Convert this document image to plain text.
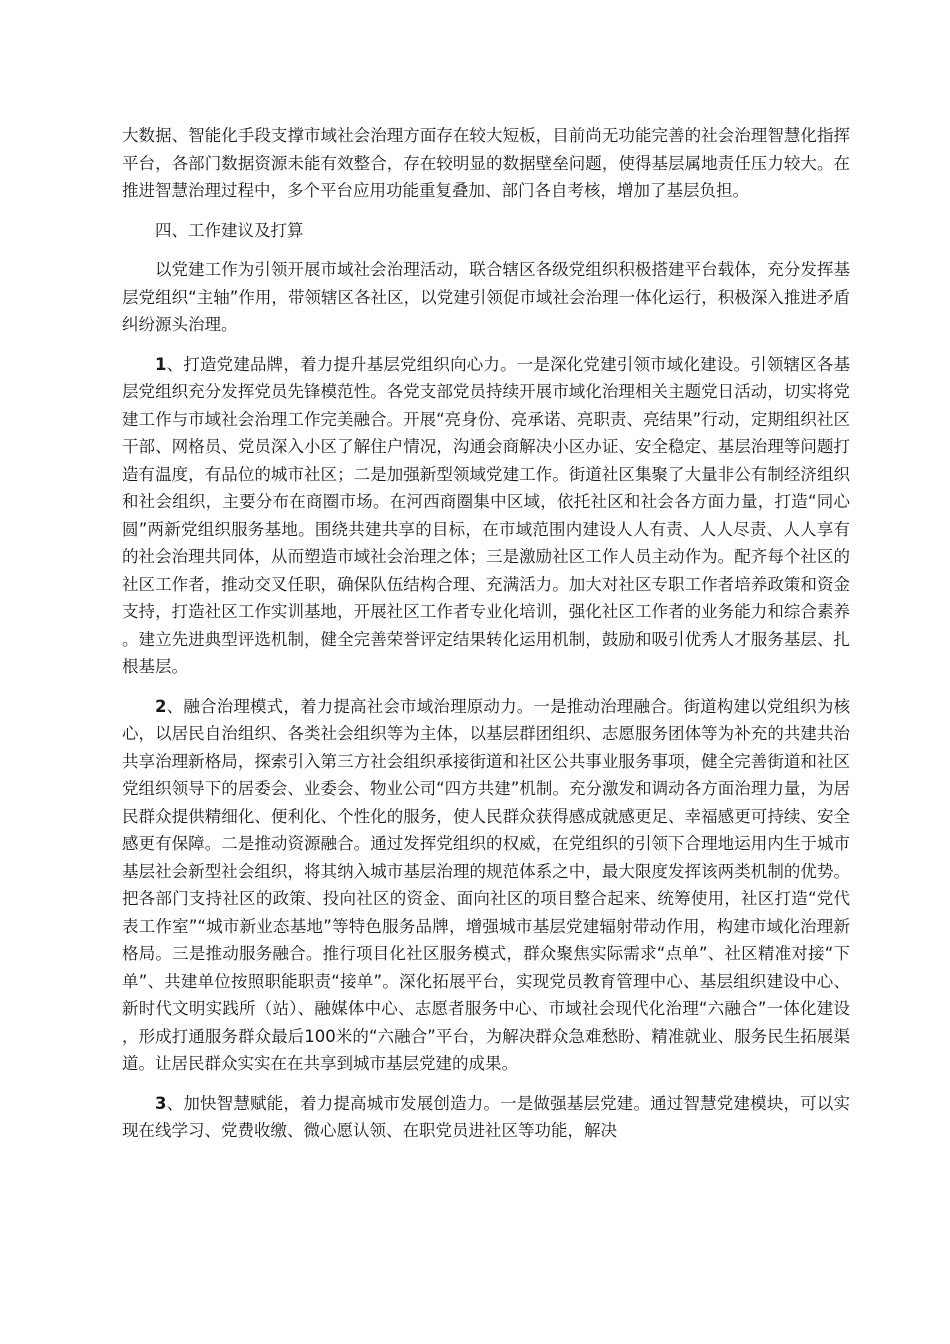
大数据、智能化手段支撑市域社会治理方面存在较大短板，目前尚无功能完善的社会治理智慧化指挥平台，各部门数据资源未能有效整合，存在较明显的数据壁垒问题，使得基层属地责任压力较大。在推进智慧治理过程中，多个平台应用功能重复叠加、部门各自考核，增加了基层负担。

四、工作建议及打算

以党建工作为引领开展市域社会治理活动，联合辖区各级党组织积极搭建平台载体，充分发挥基层党组织“主轴”作用，带领辖区各社区，以党建引领促市域社会治理一体化运行，积极深入推进矛盾纠纷源头治理。

1、打造党建品牌，着力提升基层党组织向心力。一是深化党建引领市域化建设。引领辖区各基层党组织充分发挥党员先锋模范性。各党支部党员持续开展市域化治理相关主题党日活动，切实将党建工作与市域社会治理工作完美融合。开展“亮身份、亮承诺、亮职责、亮结果”行动，定期组织社区干部、网格员、党员深入小区了解住户情况，沟通会商解决小区办证、安全稳定、基层治理等问题打造有温度，有品位的城市社区；二是加强新型领域党建工作。街道社区集聚了大量非公有制经济组织和社会组织，主要分布在商圈市场。在河西商圈集中区域，依托社区和社会各方面力量，打造“同心圆”两新党组织服务基地。围绕共建共享的目标，在市域范围内建设人人有责、人人尽责、人人享有的社会治理共同体，从而塑造市域社会治理之体；三是激励社区工作人员主动作为。配齐每个社区的社区工作者，推动交叉任职，确保队伍结构合理、充满活力。加大对社区专职工作者培养政策和资金支持，打造社区工作实训基地，开展社区工作者专业化培训，强化社区工作者的业务能力和综合素养。建立先进典型评选机制，健全完善荣誉评定结果转化运用机制，鼓励和吸引优秀人才服务基层、扎根基层。

2、融合治理模式，着力提高社会市域治理原动力。一是推动治理融合。街道构建以党组织为核心，以居民自治组织、各类社会组织等为主体，以基层群团组织、志愿服务团体等为补充的共建共治共享治理新格局，探索引入第三方社会组织承接街道和社区公共事业服务事项，健全完善街道和社区党组织领导下的居委会、业委会、物业公司“四方共建”机制。充分激发和调动各方面治理力量，为居民群众提供精细化、便利化、个性化的服务，使人民群众获得感成就感更足、幸福感更可持续、安全感更有保障。二是推动资源融合。通过发挥党组织的权威，在党组织的引领下合理地运用内生于城市基层社会新型社会组织，将其纳入城市基层治理的规范体系之中，最大限度发挥该两类机制的优势。把各部门支持社区的政策、投向社区的资金、面向社区的项目整合起来、统筹使用，社区打造“党代表工作室”“城市新业态基地”等特色服务品牌，增强城市基层党建辐射带动作用，构建市域化治理新格局。三是推动服务融合。推行项目化社区服务模式，群众聚焦实际需求“点单”、社区精准对接“下单”、共建单位按照职能职责“接单”。深化拓展平台，实现党员教育管理中心、基层组织建设中心、新时代文明实践所（站）、融媒体中心、志愿者服务中心、市域社会现代化治理“六融合”一体化建设，形成打通服务群众最后100米的“六融合”平台，为解决群众急难愁盼、精准就业、服务民生拓展渠道。让居民群众实实在在共享到城市基层党建的成果。

3、加快智慧赋能，着力提高城市发展创造力。一是做强基层党建。通过智慧党建模块，可以实现在线学习、党费收缴、微心愿认领、在职党员进社区等功能，解决
